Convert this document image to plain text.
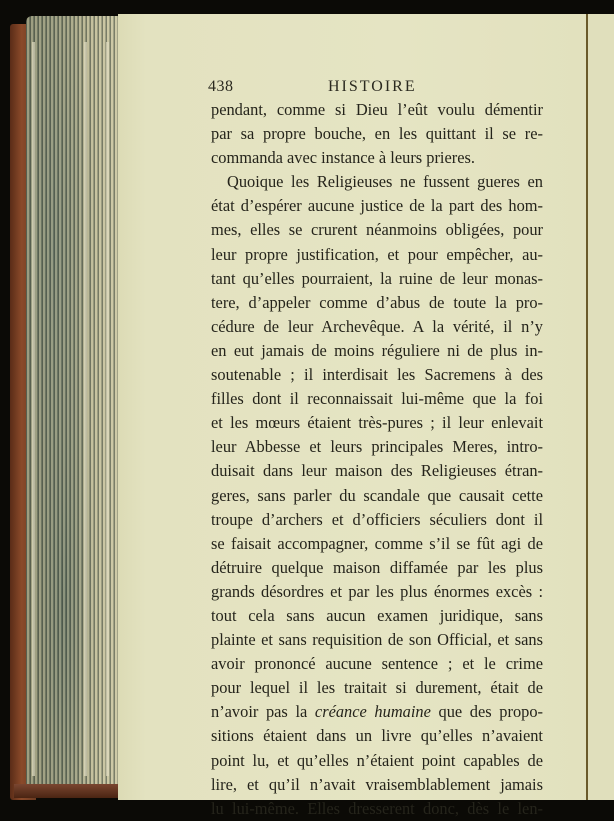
438	HISTOIRE
pendant, comme si Dieu l’eût voulu démentir
par sa propre bouche, en les quittant il se re-
commanda avec instance à leurs prieres.
Quoique les Religieuses ne fussent gueres en
état d’espérer aucune justice de la part des hom-
mes, elles se crurent néanmoins obligées, pour
leur propre justification, et pour empêcher, au-
tant qu’elles pourraient, la ruine de leur monas-
tere, d’appeler comme d’abus de toute la pro-
cédure de leur Archevêque. A la vérité, il n’y
en eut jamais de moins réguliere ni de plus in-
soutenable ; il interdisait les Sacremens à des
filles dont il reconnaissait lui-même que la foi
et les mœurs étaient très-pures ; il leur enlevait
leur Abbesse et leurs principales Meres, intro-
duisait dans leur maison des Religieuses étran-
geres, sans parler du scandale que causait cette
troupe d’archers et d’officiers séculiers dont il
se faisait accompagner, comme s’il se fût agi de
détruire quelque maison diffamée par les plus
grands désordres et par les plus énormes excès :
tout cela sans aucun examen juridique, sans
plainte et sans requisition de son Official, et sans
avoir prononcé aucune sentence ; et le crime
pour lequel il les traitait si durement, était de
n’avoir pas la créance humaine que des propo-
sitions étaient dans un livre qu’elles n’avaient
point lu, et qu’elles n’étaient point capables de
lire, et qu’il n’avait vraisemblablement jamais
lu lui-même. Elles dresserent donc, dès le len-
